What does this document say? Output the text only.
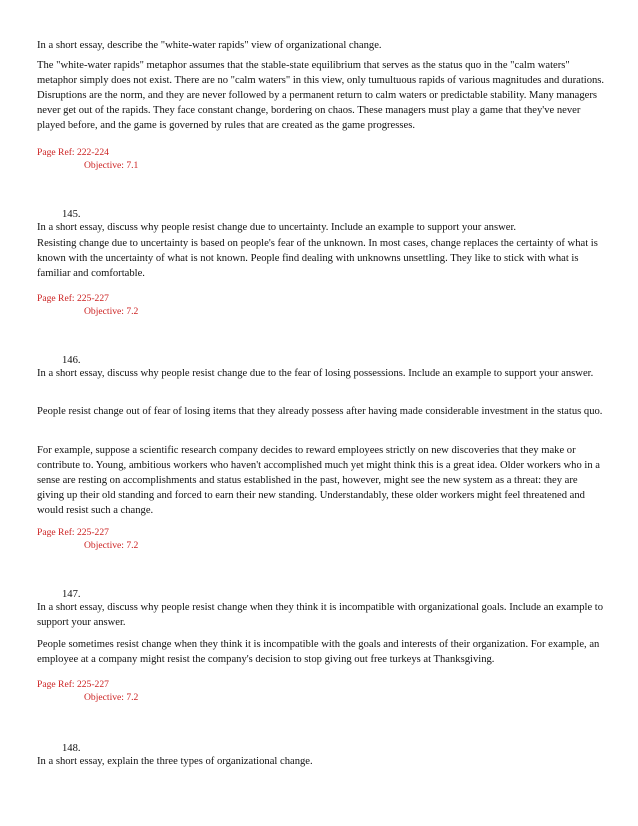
In a short essay, describe the "white-water rapids" view of organizational change.

The "white-water rapids" metaphor assumes that the stable-state equilibrium that serves as the status quo in the "calm waters" metaphor simply does not exist. There are no "calm waters" in this view, only tumultuous rapids of various magnitudes and durations. Disruptions are the norm, and they are never followed by a permanent return to calm waters or predictable stability. Many managers never get out of the rapids. They face constant change, bordering on chaos. These managers must play a game that they've never played before, and the game is governed by rules that are created as the game progresses.

Page Ref: 222-224

Objective: 7.1

145.

In a short essay, discuss why people resist change due to uncertainty. Include an example to support your answer.

Resisting change due to uncertainty is based on people's fear of the unknown. In most cases, change replaces the certainty of what is known with the uncertainty of what is not known. People find dealing with unknowns unsettling. They like to stick with what is familiar and comfortable.

Page Ref: 225-227

Objective: 7.2

146.

In a short essay, discuss why people resist change due to the fear of losing possessions. Include an example to support your answer.

People resist change out of fear of losing items that they already possess after having made considerable investment in the status quo.

For example, suppose a scientific research company decides to reward employees strictly on new discoveries that they make or contribute to. Young, ambitious workers who haven't accomplished much yet might think this is a great idea. Older workers who in a sense are resting on accomplishments and status established in the past, however, might see the new system as a threat: they are giving up their old standing and forced to earn their new standing. Understandably, these older workers might feel threatened and would resist such a change.

Page Ref: 225-227

Objective: 7.2

147.

In a short essay, discuss why people resist change when they think it is incompatible with organizational goals. Include an example to support your answer.

People sometimes resist change when they think it is incompatible with the goals and interests of their organization. For example, an employee at a company might resist the company's decision to stop giving out free turkeys at Thanksgiving.

Page Ref: 225-227

Objective: 7.2

148.

In a short essay, explain the three types of organizational change.
